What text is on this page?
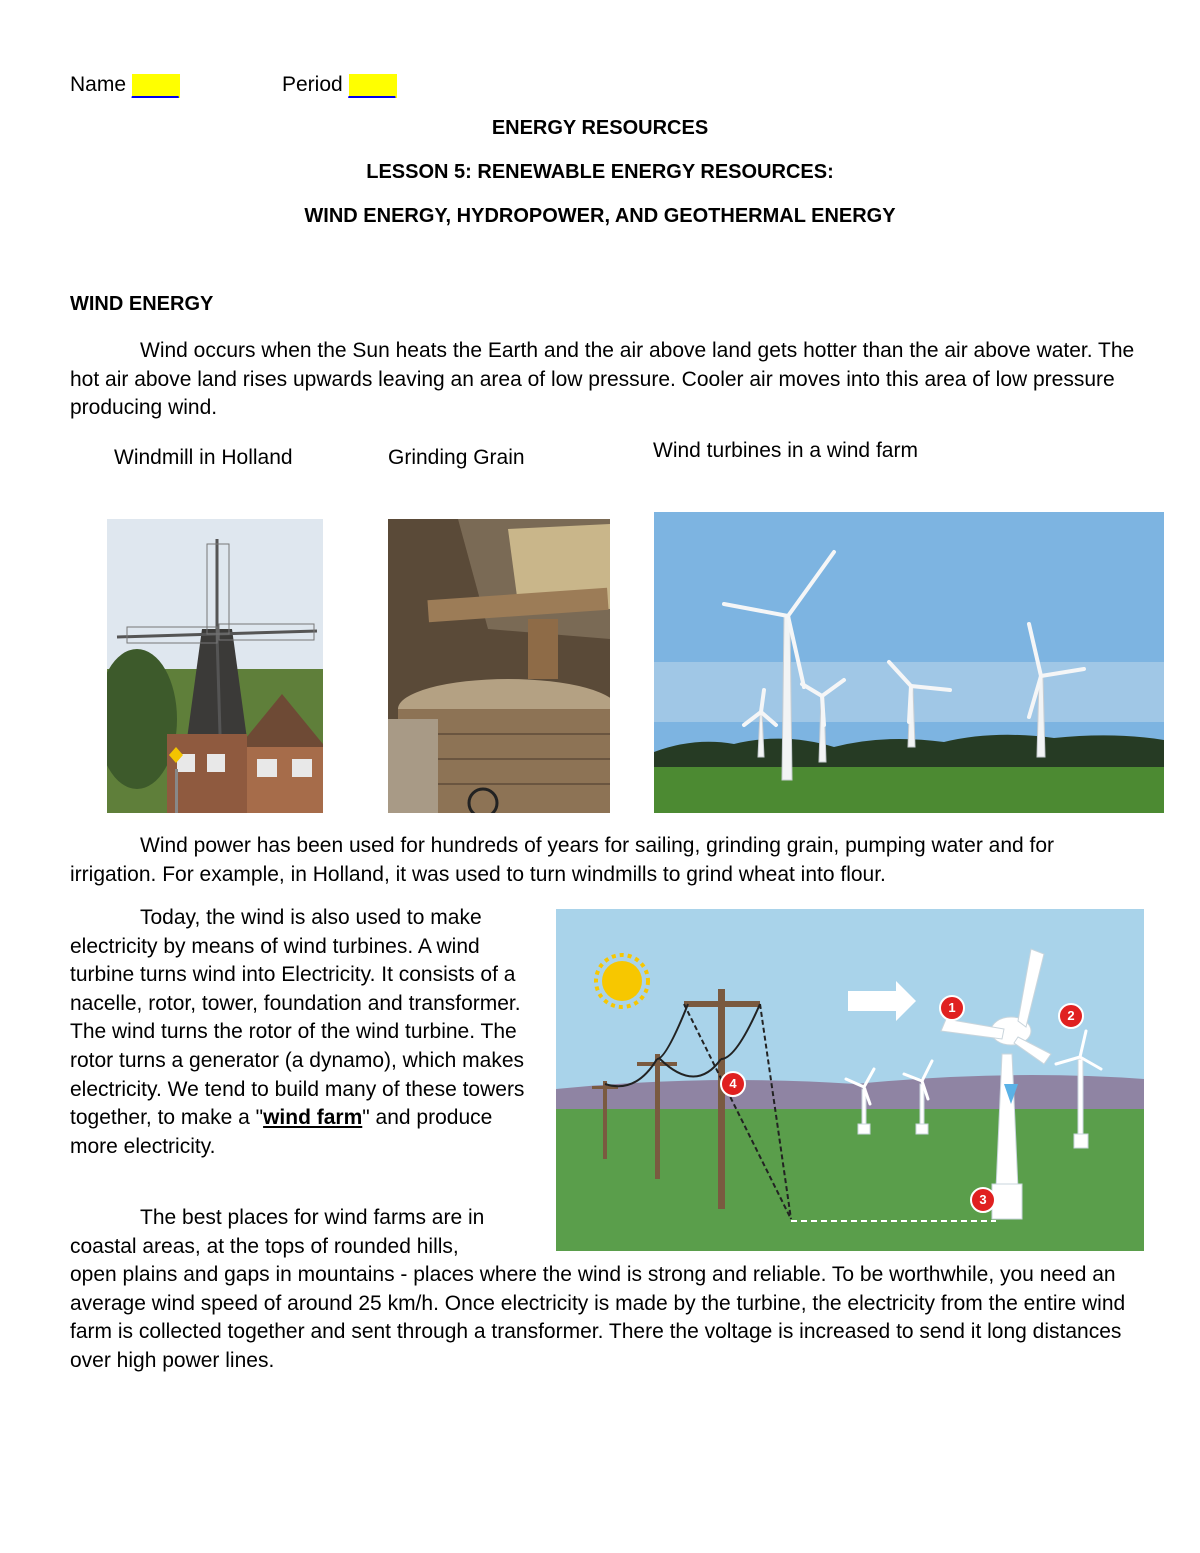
Name ____	Period ____
ENERGY RESOURCES
LESSON 5: RENEWABLE ENERGY RESOURCES:
WIND ENERGY, HYDROPOWER, AND GEOTHERMAL ENERGY
WIND ENERGY

Wind occurs when the Sun heats the Earth and the air above land gets hotter than the air above water. The hot air above land rises upwards leaving an area of low pressure. Cooler air moves into this area of low pressure producing wind.

Windmill in Holland	Grinding Grain	Wind turbines in a wind farm

Wind power has been used for hundreds of years for sailing, grinding grain, pumping water and for irrigation. For example, in Holland, it was used to turn windmills to grind wheat into flour.

Today, the wind is also used to make electricity by means of wind turbines. A wind turbine turns wind into Electricity. It consists of a nacelle, rotor, tower, foundation and transformer. The wind turns the rotor of the wind turbine. The rotor turns a generator (a dynamo), which makes electricity. We tend to build many of these towers together, to make a "wind farm" and produce more electricity.

The best places for wind farms are in coastal areas, at the tops of rounded hills,

open plains and gaps in mountains - places where the wind is strong and reliable. To be worthwhile, you need an average wind speed of around 25 km/h. Once electricity is made by the turbine, the electricity from the entire wind farm is collected together and sent through a transformer. There the voltage is increased to send it long distances over high power lines.

1
2
3
4
